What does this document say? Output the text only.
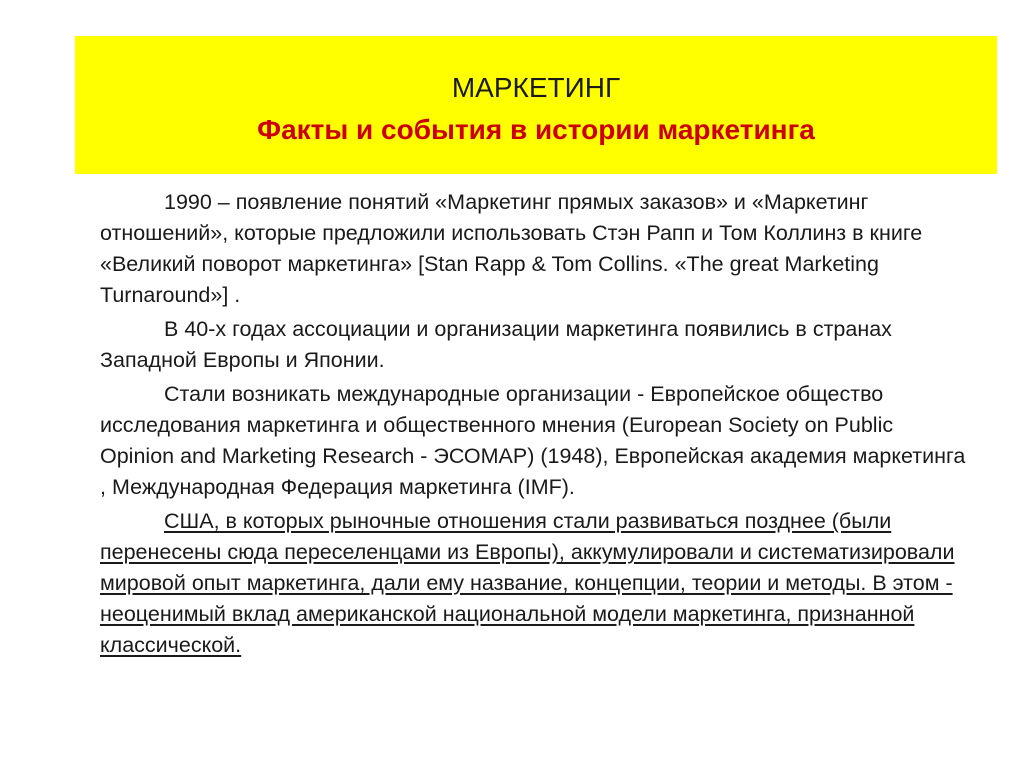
МАРКЕТИНГ
Факты и события в истории маркетинга

1990 – появление понятий «Маркетинг прямых заказов» и «Маркетинг отношений», которые предложили использовать Стэн Рапп и Том Коллинз в книге «Великий поворот маркетинга» [Stan Rapp & Tom Collins. «The great Marketing Turnaround»] .

В 40-х годах ассоциации и организации маркетинга появились в странах Западной Европы и Японии.

Стали возникать международные организации - Европейское общество исследования маркетинга и общественного мнения (European Society on Public Opinion and Marketing Research - ЭСОМАР) (1948), Европейская академия маркетинга , Международная Федерация маркетинга (IMF).

США, в которых рыночные отношения стали развиваться позднее (были перенесены сюда переселенцами из Европы), аккумулировали и систематизировали мировой опыт маркетинга, дали ему название, концепции, теории и методы. В этом - неоценимый вклад американской национальной модели маркетинга, признанной классической.
